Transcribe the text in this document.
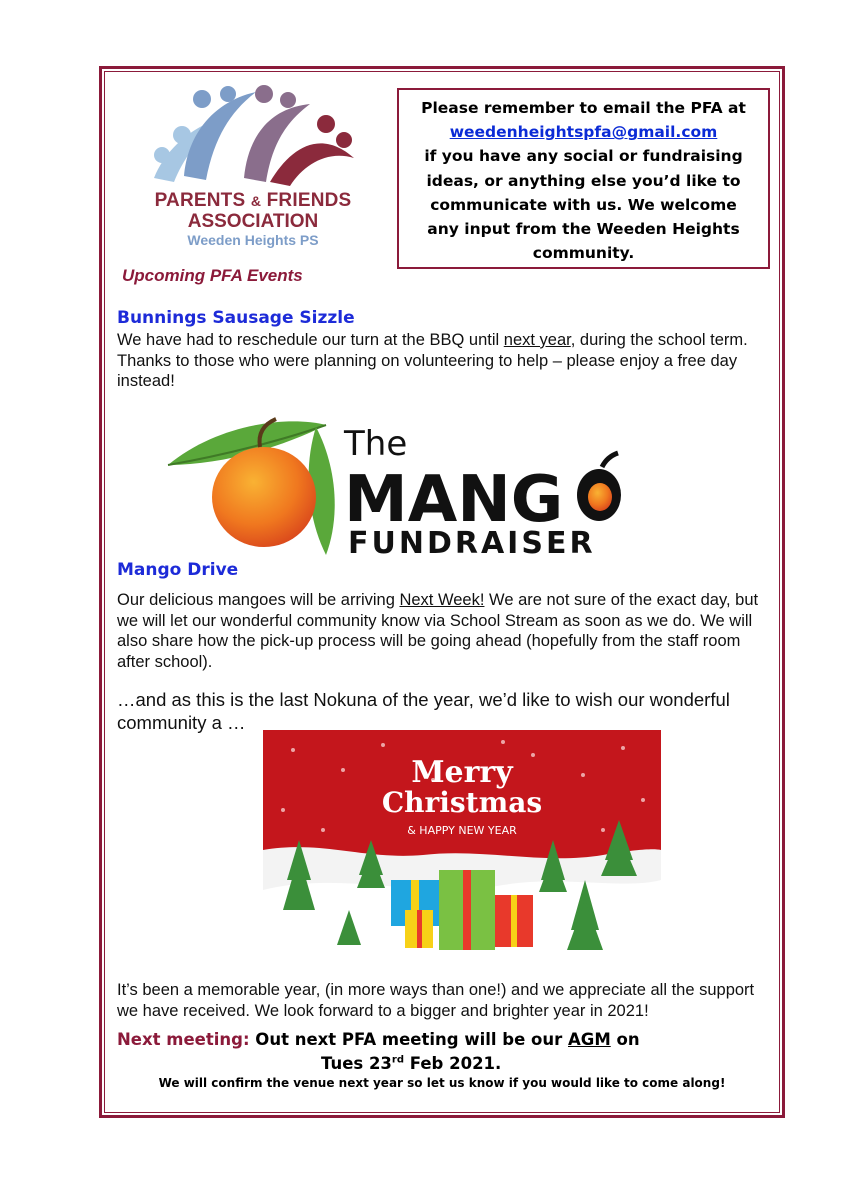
PARENTS & FRIENDS
ASSOCIATION
Weeden Heights PS
Please remember to email the PFA at
weedenheightspfa@gmail.com
if you have any social or fundraising
ideas, or anything else you’d like to
communicate with us. We welcome
any input from the Weeden Heights
community.
Upcoming PFA Events
Bunnings Sausage Sizzle
We have had to reschedule our turn at the BBQ until next year, during the school term. Thanks to those who were planning on volunteering to help – please enjoy a free day instead!
The
MANG
FUNDRAISER
Mango Drive
Our delicious mangoes will be arriving Next Week! We are not sure of the exact day, but we will let our wonderful community know via School Stream as soon as we do. We will also share how the pick-up process will be going ahead (hopefully from the staff room after school).
…and as this is the last Nokuna of the year, we’d like to wish our wonderful community a …
Merry
Christmas
& HAPPY NEW YEAR
It’s been a memorable year, (in more ways than one!) and we appreciate all the support we have received. We look forward to a bigger and brighter year in 2021!
Next meeting: Out next PFA meeting will be our AGM on
Tues 23rd Feb 2021.
We will confirm the venue next year so let us know if you would like to come along!
